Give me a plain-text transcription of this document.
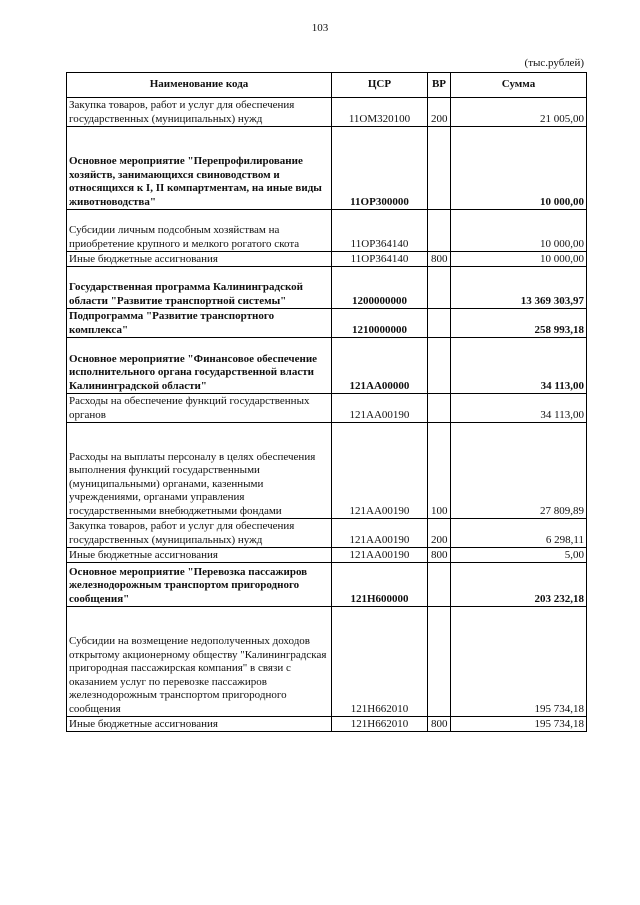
103
(тыс.рублей)
Наименование кода	ЦСР	ВР	Сумма
Закупка товаров, работ и услуг для обеспечения государственных (муниципальных) нужд	11ОМ320100	200	21 005,00
Основное мероприятие "Перепрофилирование хозяйств, занимающихся свиноводством и относящихся к I, II компартментам, на иные виды животноводства"	11ОР300000		10 000,00
Субсидии личным подсобным хозяйствам на приобретение крупного и мелкого рогатого скота	11ОР364140		10 000,00
Иные бюджетные ассигнования	11ОР364140	800	10 000,00
Государственная программа Калининградской области "Развитие транспортной системы"	1200000000		13 369 303,97
Подпрограмма "Развитие транспортного комплекса"	1210000000		258 993,18
Основное мероприятие "Финансовое обеспечение исполнительного органа государственной власти Калининградской области"	121АА00000		34 113,00
Расходы на обеспечение функций государственных органов	121АА00190		34 113,00
Расходы на выплаты персоналу в целях обеспечения выполнения функций государственными (муниципальными) органами, казенными учреждениями, органами управления государственными внебюджетными фондами	121АА00190	100	27 809,89
Закупка товаров, работ и услуг для обеспечения государственных (муниципальных) нужд	121АА00190	200	6 298,11
Иные бюджетные ассигнования	121АА00190	800	5,00
Основное мероприятие "Перевозка пассажиров железнодорожным транспортом пригородного сообщения"	121Н600000		203 232,18
Субсидии на возмещение недополученных доходов открытому акционерному обществу "Калининградская пригородная пассажирская компания" в связи с оказанием услуг по перевозке пассажиров железнодорожным транспортом пригородного сообщения	121Н662010		195 734,18
Иные бюджетные ассигнования	121Н662010	800	195 734,18
